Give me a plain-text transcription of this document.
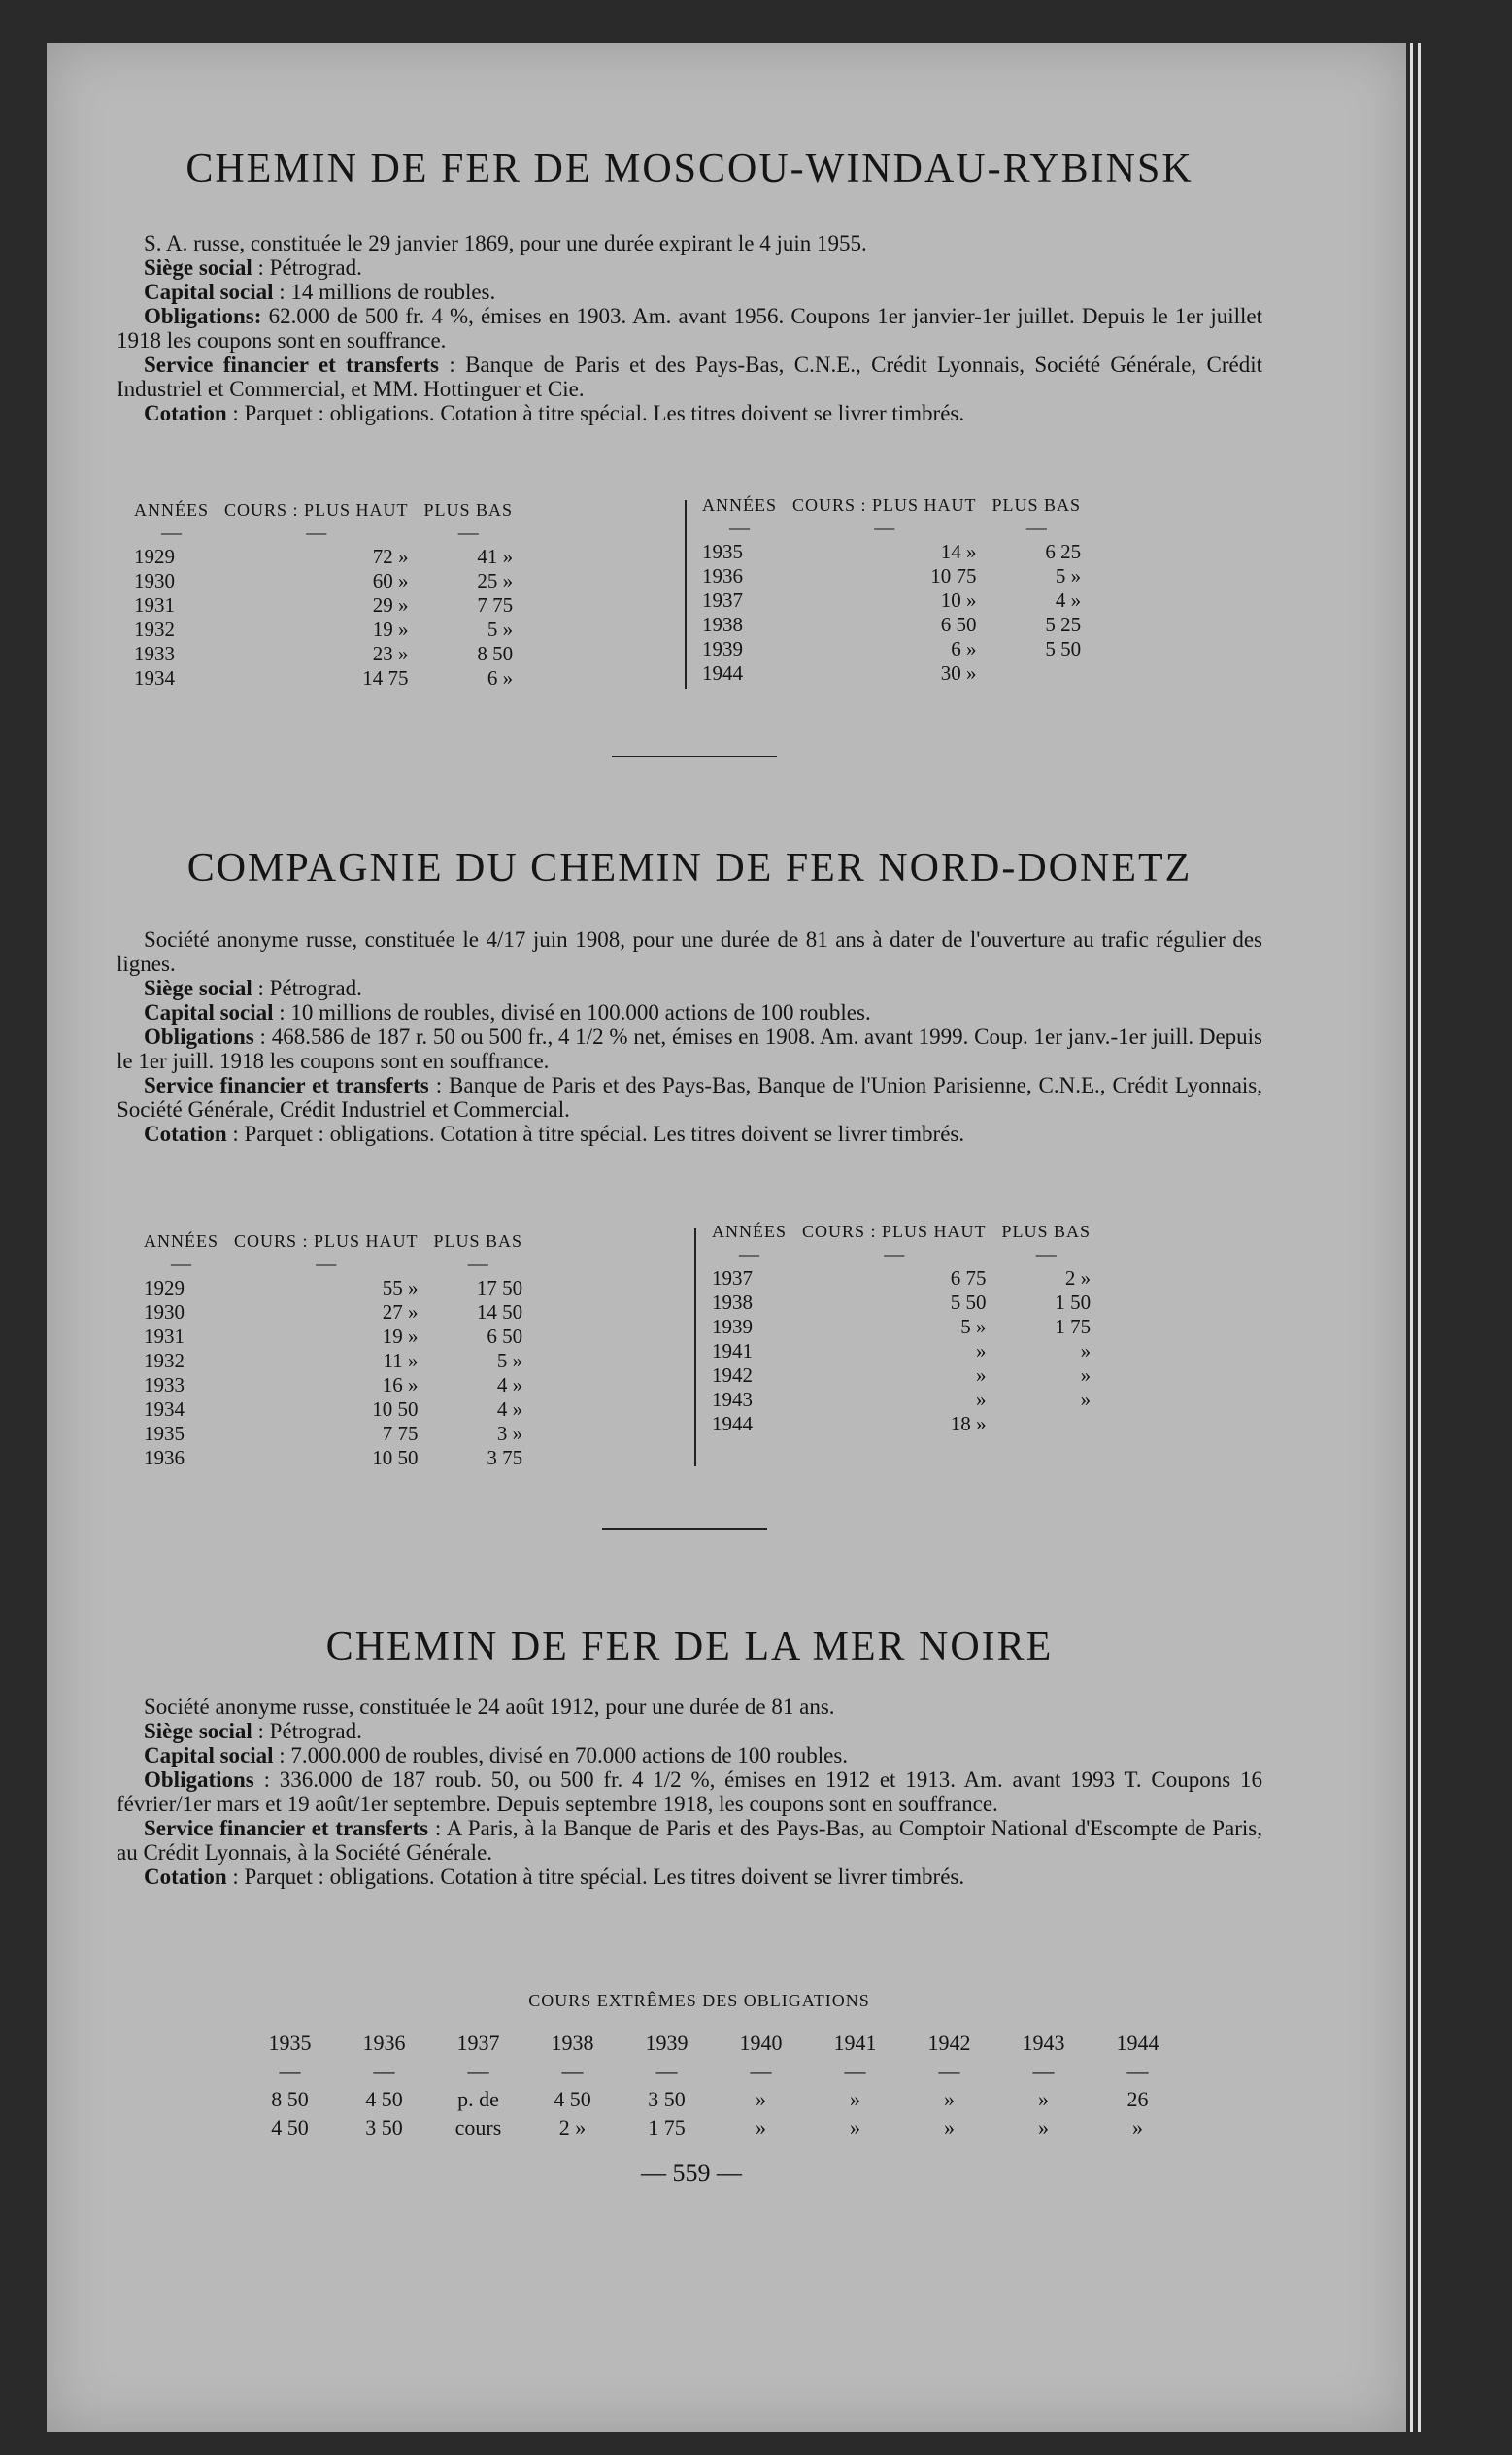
CHEMIN DE FER DE MOSCOU-WINDAU-RYBINSK

S. A. russe, constituée le 29 janvier 1869, pour une durée expirant le 4 juin 1955.

Siège social : Pétrograd.

Capital social : 14 millions de roubles.

Obligations: 62.000 de 500 fr. 4 %, émises en 1903. Am. avant 1956. Coupons 1er janvier-1er juillet. Depuis le 1er juillet 1918 les coupons sont en souffrance.

Service financier et transferts : Banque de Paris et des Pays-Bas, C.N.E., Crédit Lyonnais, Société Générale, Crédit Industriel et Commercial, et MM. Hottinguer et Cie.

Cotation : Parquet : obligations. Cotation à titre spécial. Les titres doivent se livrer timbrés.

ANNÉES	COURS : PLUS HAUT	PLUS BAS
—	—	—
1929	72 »	41 »
1930	60 »	25 »
1931	29 »	7 75
1932	19 »	5 »
1933	23 »	8 50
1934	14 75	6 »
ANNÉES	COURS : PLUS HAUT	PLUS BAS
—	—	—
1935	14 »	6 25
1936	10 75	5 »
1937	10 »	4 »
1938	6 50	5 25
1939	6 »	5 50
1944	30 »	
COMPAGNIE DU CHEMIN DE FER NORD-DONETZ

Société anonyme russe, constituée le 4/17 juin 1908, pour une durée de 81 ans à dater de l'ouverture au trafic régulier des lignes.

Siège social : Pétrograd.

Capital social : 10 millions de roubles, divisé en 100.000 actions de 100 roubles.

Obligations : 468.586 de 187 r. 50 ou 500 fr., 4 1/2 % net, émises en 1908. Am. avant 1999. Coup. 1er janv.-1er juill. Depuis le 1er juill. 1918 les coupons sont en souffrance.

Service financier et transferts : Banque de Paris et des Pays-Bas, Banque de l'Union Parisienne, C.N.E., Crédit Lyonnais, Société Générale, Crédit Industriel et Commercial.

Cotation : Parquet : obligations. Cotation à titre spécial. Les titres doivent se livrer timbrés.

ANNÉES	COURS : PLUS HAUT	PLUS BAS
—	—	—
1929	55 »	17 50
1930	27 »	14 50
1931	19 »	6 50
1932	11 »	5 »
1933	16 »	4 »
1934	10 50	4 »
1935	7 75	3 »
1936	10 50	3 75
ANNÉES	COURS : PLUS HAUT	PLUS BAS
—	—	—
1937	6 75	2 »
1938	5 50	1 50
1939	5 »	1 75
1941	»	»
1942	»	»
1943	»	»
1944	18 »	
CHEMIN DE FER DE LA MER NOIRE

Société anonyme russe, constituée le 24 août 1912, pour une durée de 81 ans.

Siège social : Pétrograd.

Capital social : 7.000.000 de roubles, divisé en 70.000 actions de 100 roubles.

Obligations : 336.000 de 187 roub. 50, ou 500 fr. 4 1/2 %, émises en 1912 et 1913. Am. avant 1993 T. Coupons 16 février/1er mars et 19 août/1er septembre. Depuis septembre 1918, les coupons sont en souffrance.

Service financier et transferts : A Paris, à la Banque de Paris et des Pays-Bas, au Comptoir National d'Escompte de Paris, au Crédit Lyonnais, à la Société Générale.

Cotation : Parquet : obligations. Cotation à titre spécial. Les titres doivent se livrer timbrés.

COURS EXTRÊMES DES OBLIGATIONS
1935	1936	1937	1938	1939	1940	1941	1942	1943	1944
—	—	—	—	—	—	—	—	—	—
8 50	4 50	p. de	4 50	3 50	»	»	»	»	26
4 50	3 50	cours	2 »	1 75	»	»	»	»	»
— 559 —
